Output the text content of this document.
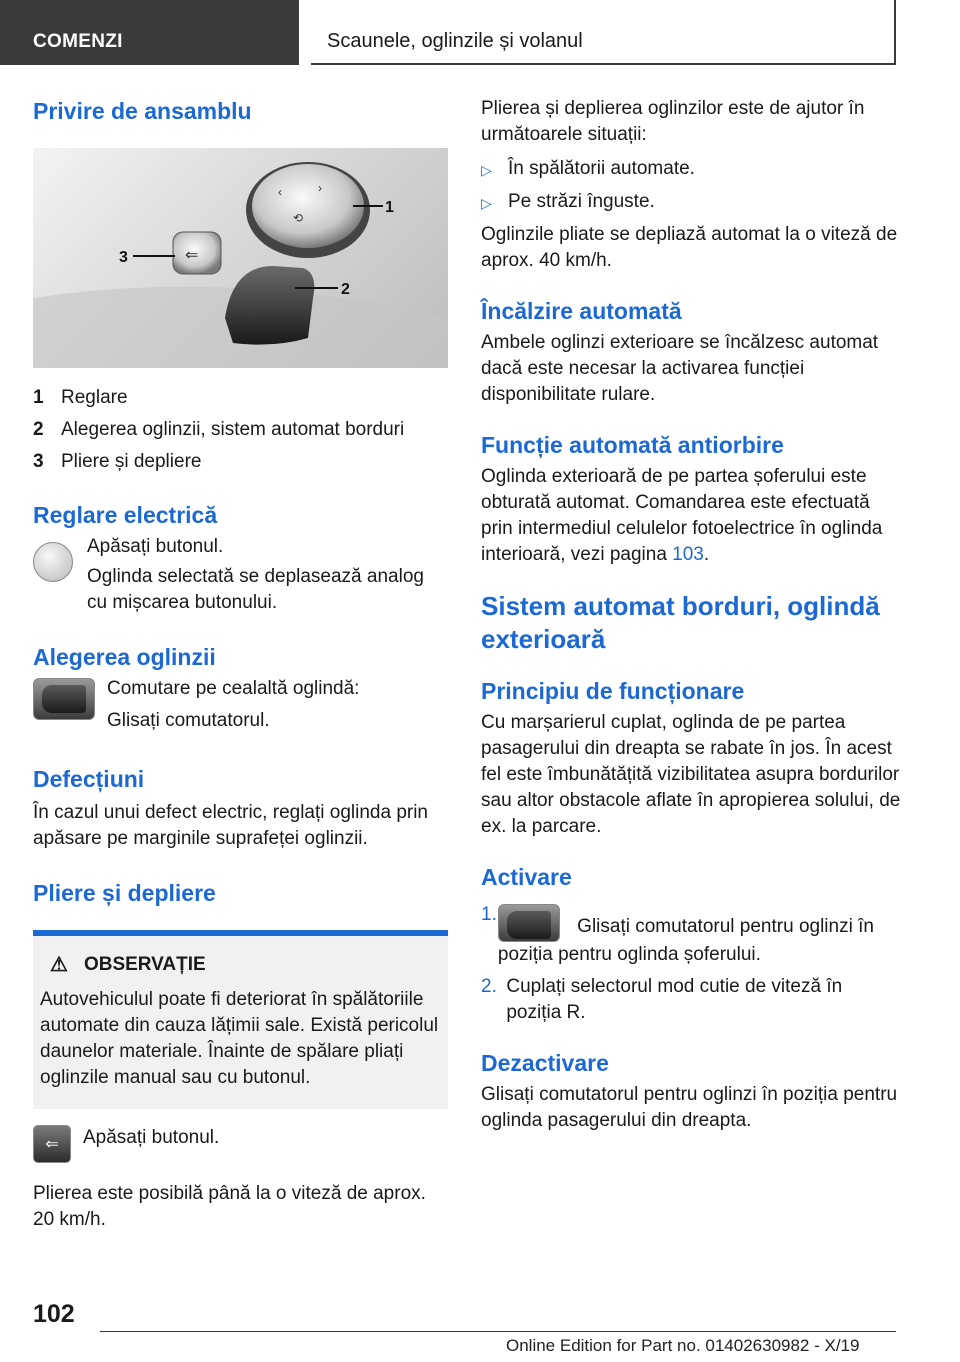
COMENZI	Scaunele, oglinzile și volanul
Privire de ansamblu
‹	›
⟲
⇐
1
2
3
1 Reglare
2 Alegerea oglinzii, sistem automat borduri
3 Pliere și depliere
Reglare electrică

Apăsați butonul.

Oglinda selectată se deplasează analog cu mișcarea butonului.

Alegerea oglinzii

Comutare pe cealaltă oglindă:

Glisați comutatorul.

Defecțiuni

În cazul unui defect electric, reglați oglinda prin apăsare pe marginile suprafeței oglinzii.

Pliere și depliere
⚠ OBSERVAȚIE

Autovehiculul poate fi deteriorat în spălătoriile automate din cauza lățimii sale. Există pericolul daunelor materiale. Înainte de spălare pliați oglinzile manual sau cu butonul.

⇐	Apăsați butonul.

Plierea este posibilă până la o viteză de aprox. 20 km/h.

Plierea și deplierea oglinzilor este de ajutor în următoarele situații:

▷ În spălătorii automate.
▷ Pe străzi înguste.

Oglinzile pliate se depliază automat la o viteză de aprox. 40 km/h.

Încălzire automată

Ambele oglinzi exterioare se încălzesc automat dacă este necesar la activarea funcției disponibilitate rulare.

Funcție automată antiorbire

Oglinda exterioară de pe partea șoferului este obturată automat. Comandarea este efectuată prin intermediul celulelor fotoelectrice în oglinda interioară, vezi pagina 103.

Sistem automat borduri, oglindă exterioară
Principiu de funcționare

Cu marșarierul cuplat, oglinda de pe partea pasagerului din dreapta se rabate în jos. În acest fel este îmbunătățită vizibilitatea asupra bordurilor sau altor obstacole aflate în apropierea solului, de ex. la parcare.

Activare
1.
Glisați comutatorul pentru oglinzi în poziția pentru oglinda șoferului.
2. Cuplați selectorul mod cutie de viteză în poziția R.
Dezactivare

Glisați comutatorul pentru oglinzi în poziția pentru oglinda pasagerului din dreapta.

102
Online Edition for Part no. 01402630982 - X/19
